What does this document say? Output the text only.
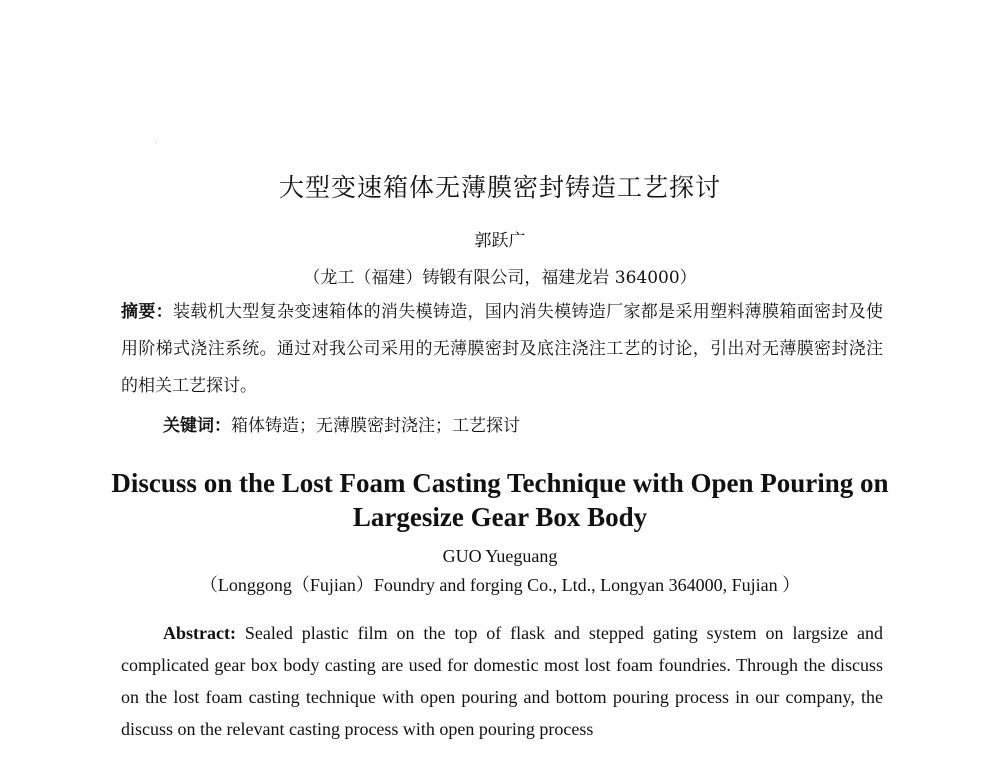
大型变速箱体无薄膜密封铸造工艺探讨
郭跃广
（龙工（福建）铸锻有限公司，福建龙岩 364000）

摘要：装载机大型复杂变速箱体的消失模铸造，国内消失模铸造厂家都是采用塑料薄膜箱面密封及使用阶梯式浇注系统。通过对我公司采用的无薄膜密封及底注浇注工艺的讨论，引出对无薄膜密封浇注的相关工艺探讨。

关键词：箱体铸造；无薄膜密封浇注；工艺探讨
Discuss on the Lost Foam Casting Technique with Open Pouring on Largesize Gear Box Body
GUO Yueguang
（Longgong（Fujian）Foundry and forging Co., Ltd., Longyan 364000, Fujian ）

Abstract: Sealed plastic film on the top of flask and stepped gating system on largsize and complicated gear box body casting are used for domestic most lost foam foundries. Through the discuss on the lost foam casting technique with open pouring and bottom pouring process in our company, the discuss on the relevant casting process with open pouring process
